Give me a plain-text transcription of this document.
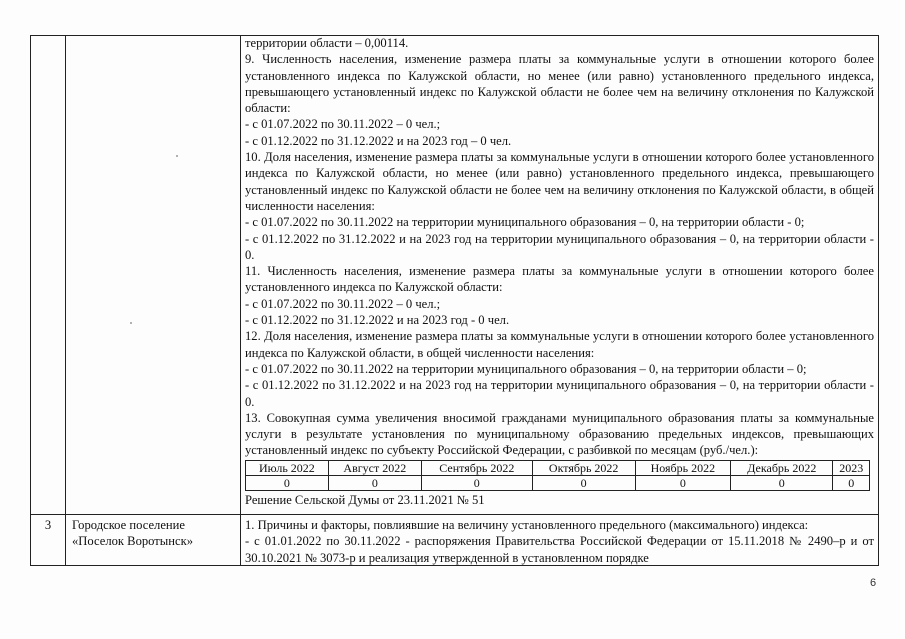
территории области – 0,00114.

9. Численность населения, изменение размера платы за коммунальные услуги в отношении которого более установленного индекса по Калужской области, но менее (или равно) установленного предельного индекса, превышающего установленный индекс по Калужской области не более чем на величину отклонения по Калужской области:

- с 01.07.2022 по 30.11.2022 – 0 чел.;

- с 01.12.2022 по 31.12.2022 и на 2023 год – 0 чел.

10. Доля населения, изменение размера платы за коммунальные услуги в отношении которого более установленного индекса по Калужской области, но менее (или равно) установленного предельного индекса, превышающего установленный индекс по Калужской области не более чем на величину отклонения по Калужской области, в общей численности населения:

- с 01.07.2022 по 30.11.2022 на территории муниципального образования – 0, на территории области - 0;

- с 01.12.2022 по 31.12.2022 и на 2023 год на территории муниципального образования – 0, на территории области - 0.

11. Численность населения, изменение размера платы за коммунальные услуги в отношении которого более установленного индекса по Калужской области:

- с 01.07.2022 по 30.11.2022 – 0 чел.;

- с 01.12.2022 по 31.12.2022 и на 2023 год - 0 чел.

12. Доля населения, изменение размера платы за коммунальные услуги в отношении которого более установленного индекса по Калужской области, в общей численности населения:

- с 01.07.2022 по 30.11.2022 на территории муниципального образования – 0, на территории области – 0;

- с 01.12.2022 по 31.12.2022 и на 2023 год на территории муниципального образования – 0, на территории области - 0.

13. Совокупная сумма увеличения вносимой гражданами муниципального образования платы за коммунальные услуги в результате установления по муниципальному образованию предельных индексов, превышающих установленный индекс по субъекту Российской Федерации, с разбивкой по месяцам (руб./чел.):

Июль 2022	Август 2022	Сентябрь 2022	Октябрь 2022	Ноябрь 2022	Декабрь 2022	2023
0	0	0	0	0	0	0

Решение Сельской Думы от 23.11.2021 № 51

3	Городское поселение
«Поселок Воротынск»

1. Причины и факторы, повлиявшие на величину установленного предельного (максимального) индекса:

- с 01.01.2022 по 30.11.2022 - распоряжения Правительства Российской Федерации от 15.11.2018 № 2490–р и от 30.10.2021 № 3073-р и реализация утвержденной в установленном порядке

6
